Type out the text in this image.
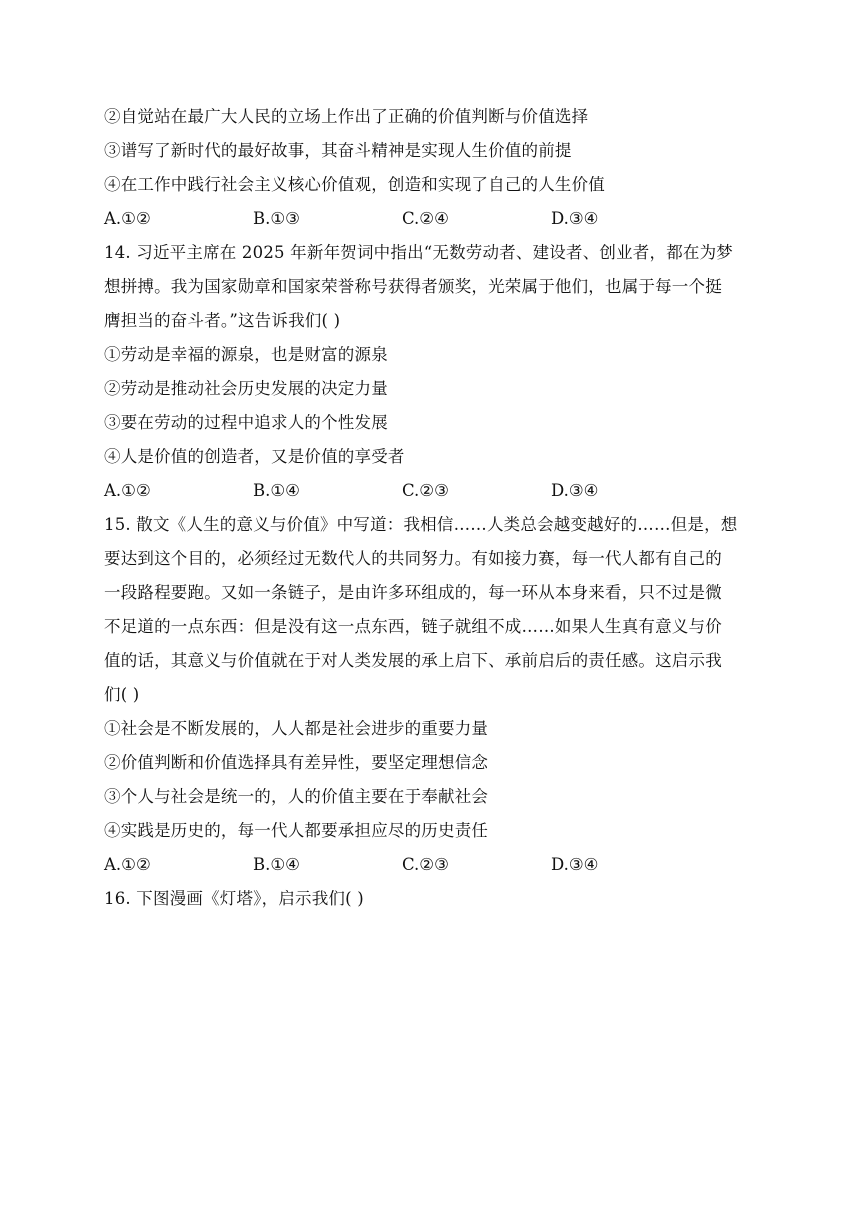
②自觉站在最广大人民的立场上作出了正确的价值判断与价值选择
③谱写了新时代的最好故事，其奋斗精神是实现人生价值的前提
④在工作中践行社会主义核心价值观，创造和实现了自己的人生价值
A.①②	B.①③	C.②④	D.③④
14. 习近平主席在 2025 年新年贺词中指出“无数劳动者、建设者、创业者，都在为梦
想拼搏。我为国家勋章和国家荣誉称号获得者颁奖，光荣属于他们，也属于每一个挺
膺担当的奋斗者。”这告诉我们( )
①劳动是幸福的源泉，也是财富的源泉
②劳动是推动社会历史发展的决定力量
③要在劳动的过程中追求人的个性发展
④人是价值的创造者，又是价值的享受者
A.①②	B.①④	C.②③	D.③④
15. 散文《人生的意义与价值》中写道：我相信……人类总会越变越好的……但是，想
要达到这个目的，必须经过无数代人的共同努力。有如接力赛，每一代人都有自己的
一段路程要跑。又如一条链子，是由许多环组成的，每一环从本身来看，只不过是微
不足道的一点东西：但是没有这一点东西，链子就组不成……如果人生真有意义与价
值的话，其意义与价值就在于对人类发展的承上启下、承前启后的责任感。这启示我
们( )
①社会是不断发展的，人人都是社会进步的重要力量
②价值判断和价值选择具有差异性，要坚定理想信念
③个人与社会是统一的，人的价值主要在于奉献社会
④实践是历史的，每一代人都要承担应尽的历史责任
A.①②	B.①④	C.②③	D.③④
16. 下图漫画《灯塔》，启示我们( )
